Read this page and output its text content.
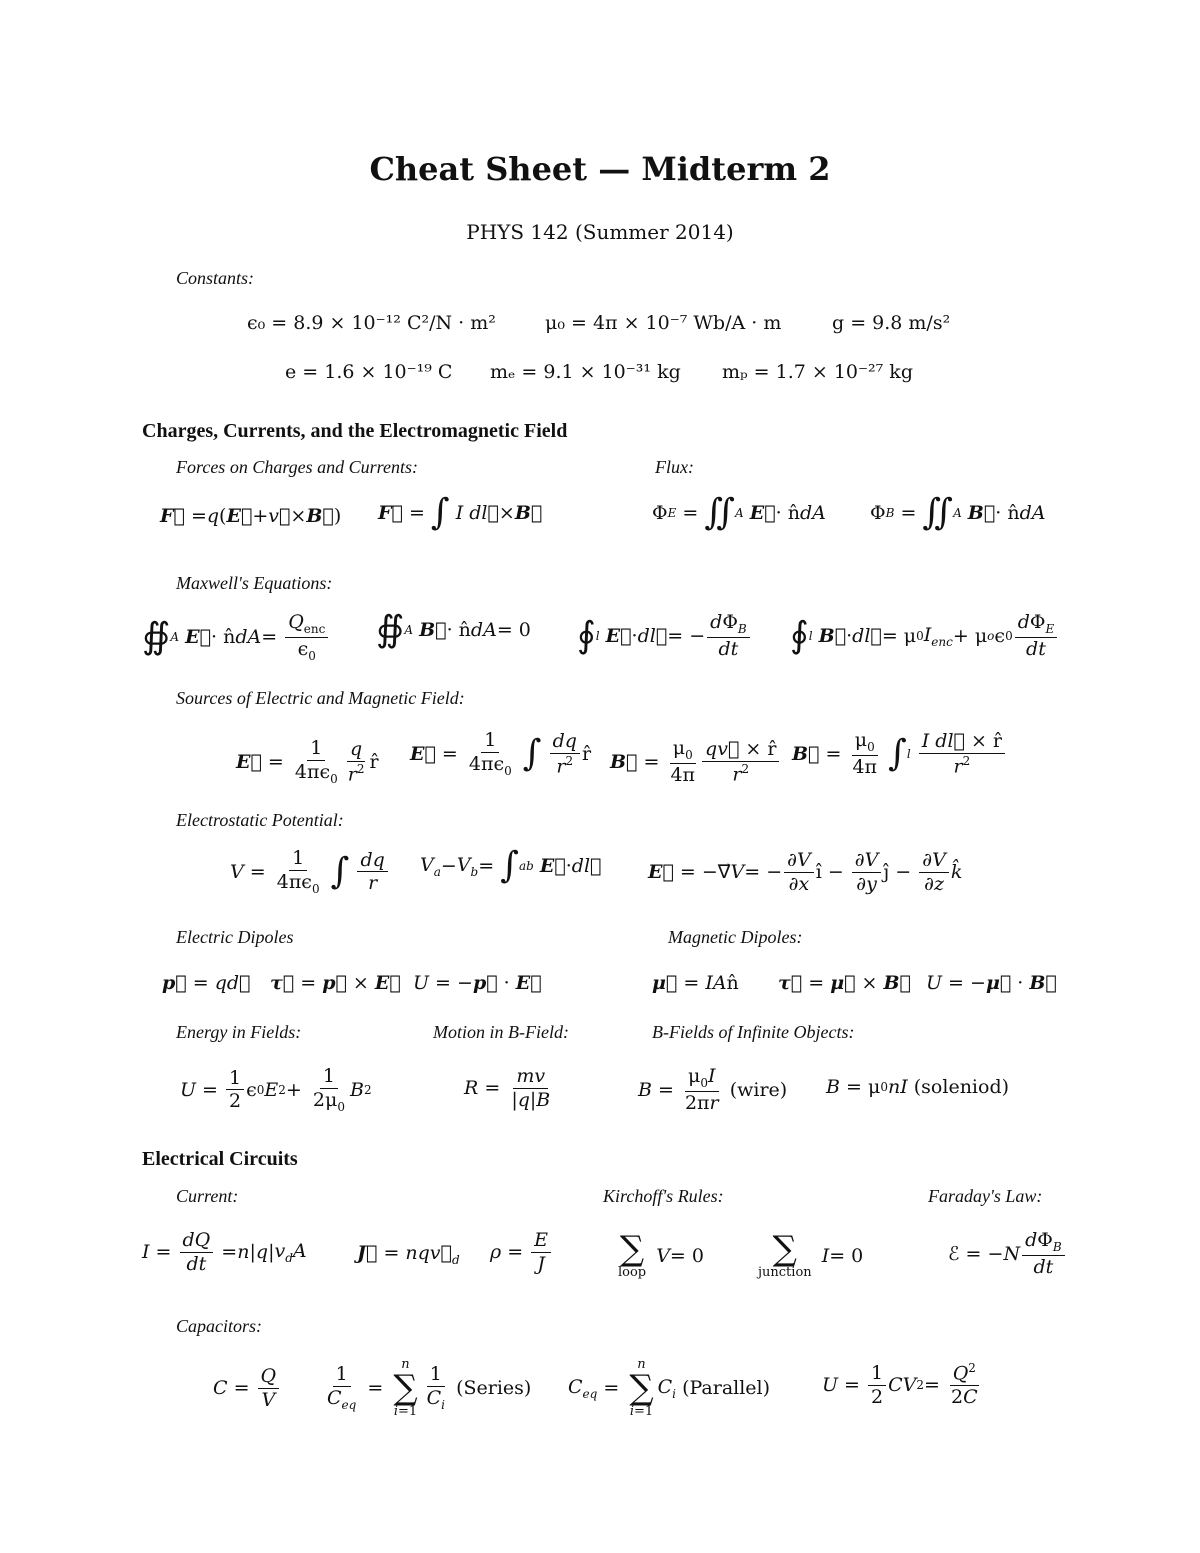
Cheat Sheet — Midterm 2
PHYS 142 (Summer 2014)
Constants:
ϵ₀ = 8.9 × 10⁻¹² C²/N · m²	μ₀ = 4π × 10⁻⁷ Wb/A · m	g = 9.8 m/s²
e = 1.6 × 10⁻¹⁹ C mₑ = 9.1 × 10⁻³¹ kg mₚ = 1.7 × 10⁻²⁷ kg
Charges, Currents, and the Electromagnetic Field
Forces on Charges and Currents:	Flux:
F⃗ = q ( E⃗ + v⃗ × B⃗ ) F⃗ = ∫
I dl⃗ × B⃗	Φ E = ∬ A
E⃗ · n̂ dA Φ B = ∬ A
B⃗ · n̂ dA
Maxwell's Equations:
∯ A
E⃗ · n̂ dA = $\frac{Q_{enc}}{\epsilon_0}$ ∯ A
B⃗ · n̂ dA = 0 ∮ l
E⃗ · dl⃗ = − $\frac{d\Phi_B}{dt}$ ∮ l
B⃗ · dl⃗ = μ 0 $I_{enc} + \mu$ o ϵ $0 \frac{d\Phi_E}{dt}$
Sources of Electric and Magnetic Field:
E⃗ = $\frac{1}{4\pi\epsilon_0} \frac{q}{r^2}$ r̂ E⃗ = $\frac{1}{4\pi\epsilon_0}$
∫
$\frac{dq}{r^2}$ r̂ B⃗ = $\frac{\mu_0}{4\pi} \frac{qv⃗ \times r̂}{r^2}$ B⃗ = $\frac{\mu_0}{4\pi}$
∫ l
$\frac{\text{I dl⃗ × r̂}}{r^2}$
Electrostatic Potential:
$V = \frac{1}{4\pi\epsilon_0}$
∫
$\frac{dq}{r} V_a - V_b$ = ∫ a b
E⃗ · dl⃗ E⃗ = −∇⃗ V = − $\frac{\partial V}{\partial x}$ î − $\frac{\partial V}{\partial y}$ ĵ − $\frac{\partial V}{\partial z}$ k̂
Electric Dipoles	Magnetic Dipoles:
p⃗ = qd⃗ τ⃗ = p⃗ × E⃗ U = −p⃗ · E⃗	μ⃗ = IAn̂ τ⃗ = μ⃗ × B⃗ U = −μ⃗ · B⃗
Energy in Fields:	Motion in B-Field:	B-Fields of Infinite Objects:
$U = \frac{1}{2}$ ϵ 0 E $2 + \frac{1}{2\mu_0}$ B 2	$R = \frac{mv}{|q|B}$	$B = \frac{\mu_0I}{2\pi r}$
(wire) B = μ 0 nI
(soleniod)
Electrical Circuits
Current:	Kirchoff's Rules:	Faraday's Law:
$I = \frac{dQ}{dt} = n$ | q | $v_dA$	J⃗ = $nqv⃗_d$ $\rho = \frac{E}{J}$ ∑
loop

V = 0 ∑
junction

I = 0	ℰ = − N $\frac{d\Phi_B}{dt}$
Capacitors:
$C = \frac{Q}{V} \frac{1}{C_{eq}}$ =
n
∑
$i=1 \frac{1}{C_i}$
(Series) $C_{eq}$ =
n
∑
i=1
$C_i$
(Parallel)	$U = \frac{1}{2}$ CV $2 = \frac{Q^2}{2C}$
